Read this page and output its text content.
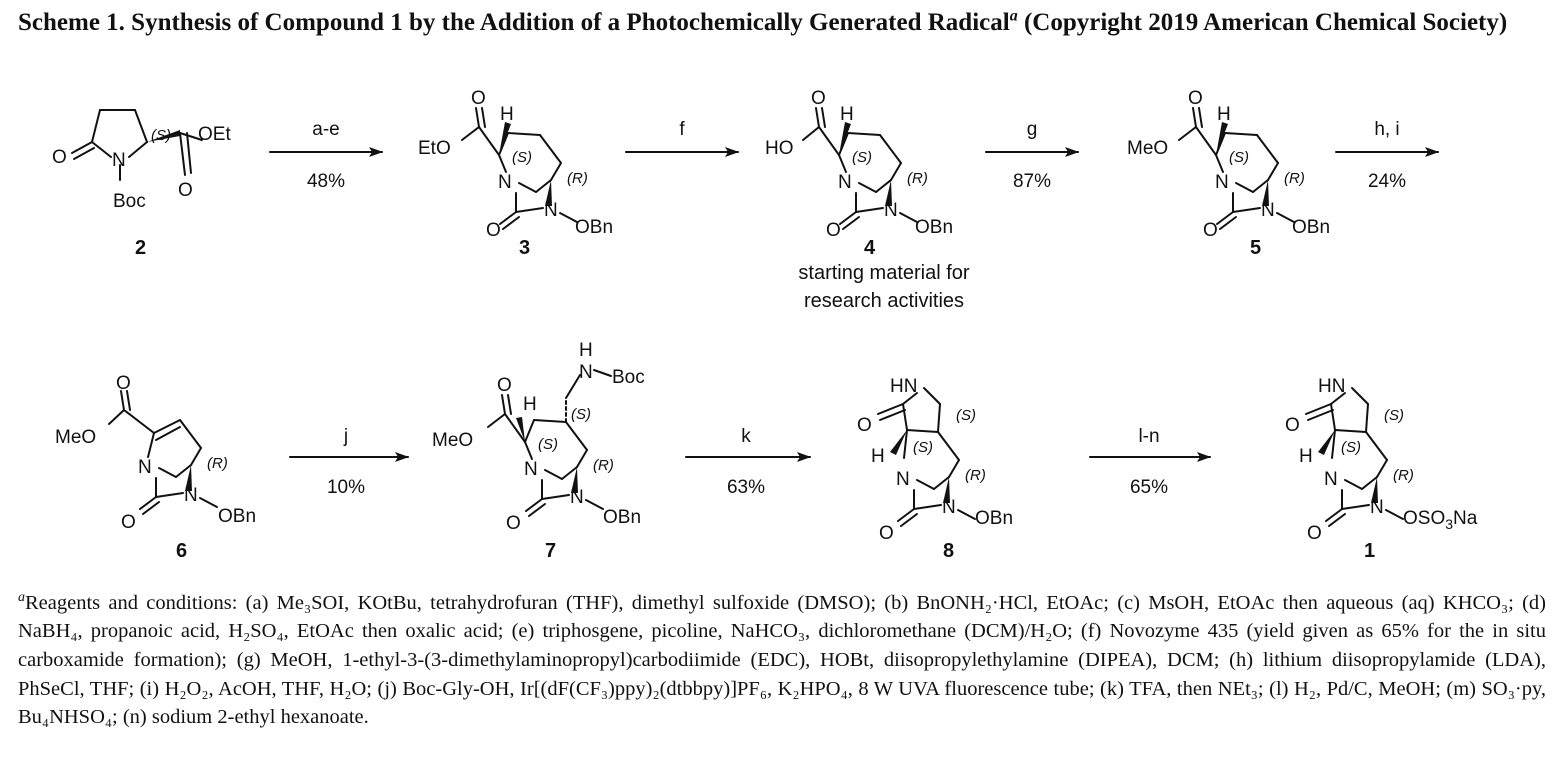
Scheme 1. Synthesis of Compound 1 by the Addition of a Photochemically Generated Radical$^a$ (Copyright 2019 American Chemical Society)
O N
Boc
OEt
O
(S)
2
O
H
EtO	(S)
N	(R)
N
O	OBn
3
O
H
HO	(S)
N	(R)
N
O	OBn
4
starting material for
research activities
O
H
MeO	(S)
N	(R)
N
O	OBn
5
O
MeO
N	(R)
N
O	OBn
6
O
H
MeO	(S)
(S)
N	(R)
N
O	OBn
H
N Boc
7
HN
O	(S)
(S)
H
N	(R)
N
O
OBn
8
HN
O	(S)
(S)
H
N	(R)
N
O
$OSO_3Na$
1
a-e
48%
f	g
87%
h, i
24%
j
10%
k
63%
l-n
65%
$^a$Reagents and conditions: (a) Me₃SOI, KOtBu, tetrahydrofuran (THF), dimethyl sulfoxide (DMSO); (b) BnONH₂·HCl, EtOAc; (c) MsOH, EtOAc then aqueous (aq) KHCO₃; (d) NaBH₄, propanoic acid, H₂SO₄, EtOAc then oxalic acid; (e) triphosgene, picoline, NaHCO₃, dichloromethane (DCM)/H₂O; (f) Novozyme 435 (yield given as 65% for the in situ carboxamide formation); (g) MeOH, 1-ethyl-3-(3-dimethylaminopropyl)carbodiimide (EDC), HOBt, diisopropylethylamine (DIPEA), DCM; (h) lithium diisopropylamide (LDA), PhSeCl, THF; (i) H₂O₂, AcOH, THF, H₂O; (j) Boc-Gly-OH, Ir[(dF(CF₃)ppy)₂(dtbbpy)]PF₆, K₂HPO₄, 8 W UVA fluorescence tube; (k) TFA, then NEt₃; (l) H₂, Pd/C, MeOH; (m) SO₃·py, Bu₄NHSO₄; (n) sodium 2-ethyl hexanoate.
